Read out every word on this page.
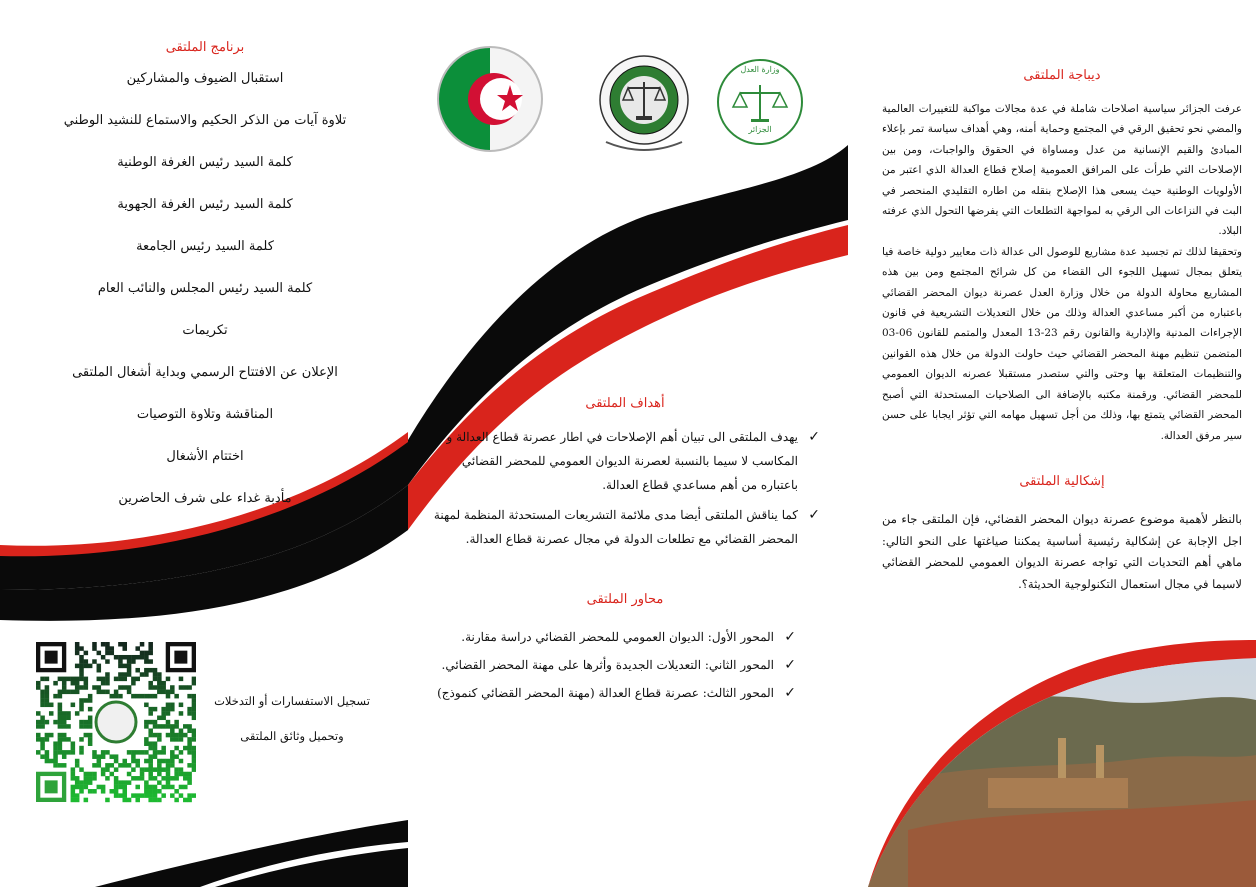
برنامج الملتقى
استقبال الضيوف والمشاركين
تلاوة آيات من الذكر الحكيم والاستماع للنشيد الوطني
كلمة السيد رئيس الغرفة الوطنية
كلمة السيد رئيس الغرفة الجهوية
كلمة السيد رئيس الجامعة
كلمة السيد رئيس المجلس والنائب العام
تكريمات
الإعلان عن الافتتاح الرسمي وبداية أشغال الملتقى
المناقشة وتلاوة التوصيات
اختتام الأشغال
مأدبة غداء على شرف الحاضرين
تسجيل الاستفسارات أو التدخلات
وتحميل وثائق الملتقى
وزارة العدل
الجزائر
أهداف الملتقى
✓
يهدف الملتقى الى تبيان أهم الإصلاحات في اطار عصرنة قطاع العدالة و المكاسب لا سيما بالنسبة لعصرنة الديوان العمومي للمحضر القضائي باعتباره من أهم مساعدي قطاع العدالة.
✓
كما يناقش الملتقى أيضا مدى ملائمة التشريعات المستحدثة المنظمة لمهنة المحضر القضائي مع تطلعات الدولة في مجال عصرنة قطاع العدالة.
محاور الملتقى
✓
المحور الأول: الديوان العمومي للمحضر القضائي دراسة مقارنة.
✓
المحور الثاني: التعديلات الجديدة وأثرها على مهنة المحضر القضائي.
✓
المحور الثالث: عصرنة قطاع العدالة (مهنة المحضر القضائي كنموذج)
ديباجة الملتقى

عرفت الجزائر سياسية اصلاحات شاملة في عدة مجالات مواكبة للتغييرات العالمية والمضي نحو تحقيق الرقي في المجتمع وحماية أمنه، وهي أهداف سياسة تمر بإعلاء المبادئ والقيم الإنسانية من عدل ومساواة في الحقوق والواجبات، ومن بين الإصلاحات التي طرأت على المرافق العمومية إصلاح قطاع العدالة الذي اعتبر من الأولويات الوطنية حيث يسعى هذا الإصلاح بنقله من اطاره التقليدي المنحصر في البت في النزاعات الى الرقي به لمواجهة التطلعات التي يفرضها التحول الذي عرفته البلاد.

وتحقيقا لذلك تم تجسيد عدة مشاريع للوصول الى عدالة ذات معايير دولية خاصة فيا يتعلق بمجال تسهيل اللجوء الى القضاء من كل شرائح المجتمع ومن بين هذه المشاريع محاولة الدولة من خلال وزارة العدل عصرنة ديوان المحضر القضائي باعتباره من أكبر مساعدي العدالة وذلك من خلال التعديلات التشريعية في قانون الإجراءات المدنية والإدارية والقانون رقم 23-13 المعدل والمتمم للقانون 06-03 المتضمن تنظيم مهنة المحضر القضائي حيث حاولت الدولة من خلال هذه القوانين والتنظيمات المتعلقة بها وحتى والتي ستصدر مستقبلا عصرنه الديوان العمومي للمحضر القضائي. ورقمنة مكتبه بالإضافة الى الصلاحيات المستحدثة التي أصبح المحضر القضائي يتمتع بها، وذلك من أجل تسهيل مهامه التي تؤثر ايجابا على حسن سير مرفق العدالة.

إشكالية الملتقى

بالنظر لأهمية موضوع عصرنة ديوان المحضر القضائي، فإن الملتقى جاء من اجل الإجابة عن إشكالية رئيسية أساسية يمكننا صياغتها على النحو التالي: ماهي أهم التحديات التي تواجه عصرنة الديوان العمومي للمحضر القضائي لاسيما في مجال استعمال التكنولوجية الحديثة؟.
